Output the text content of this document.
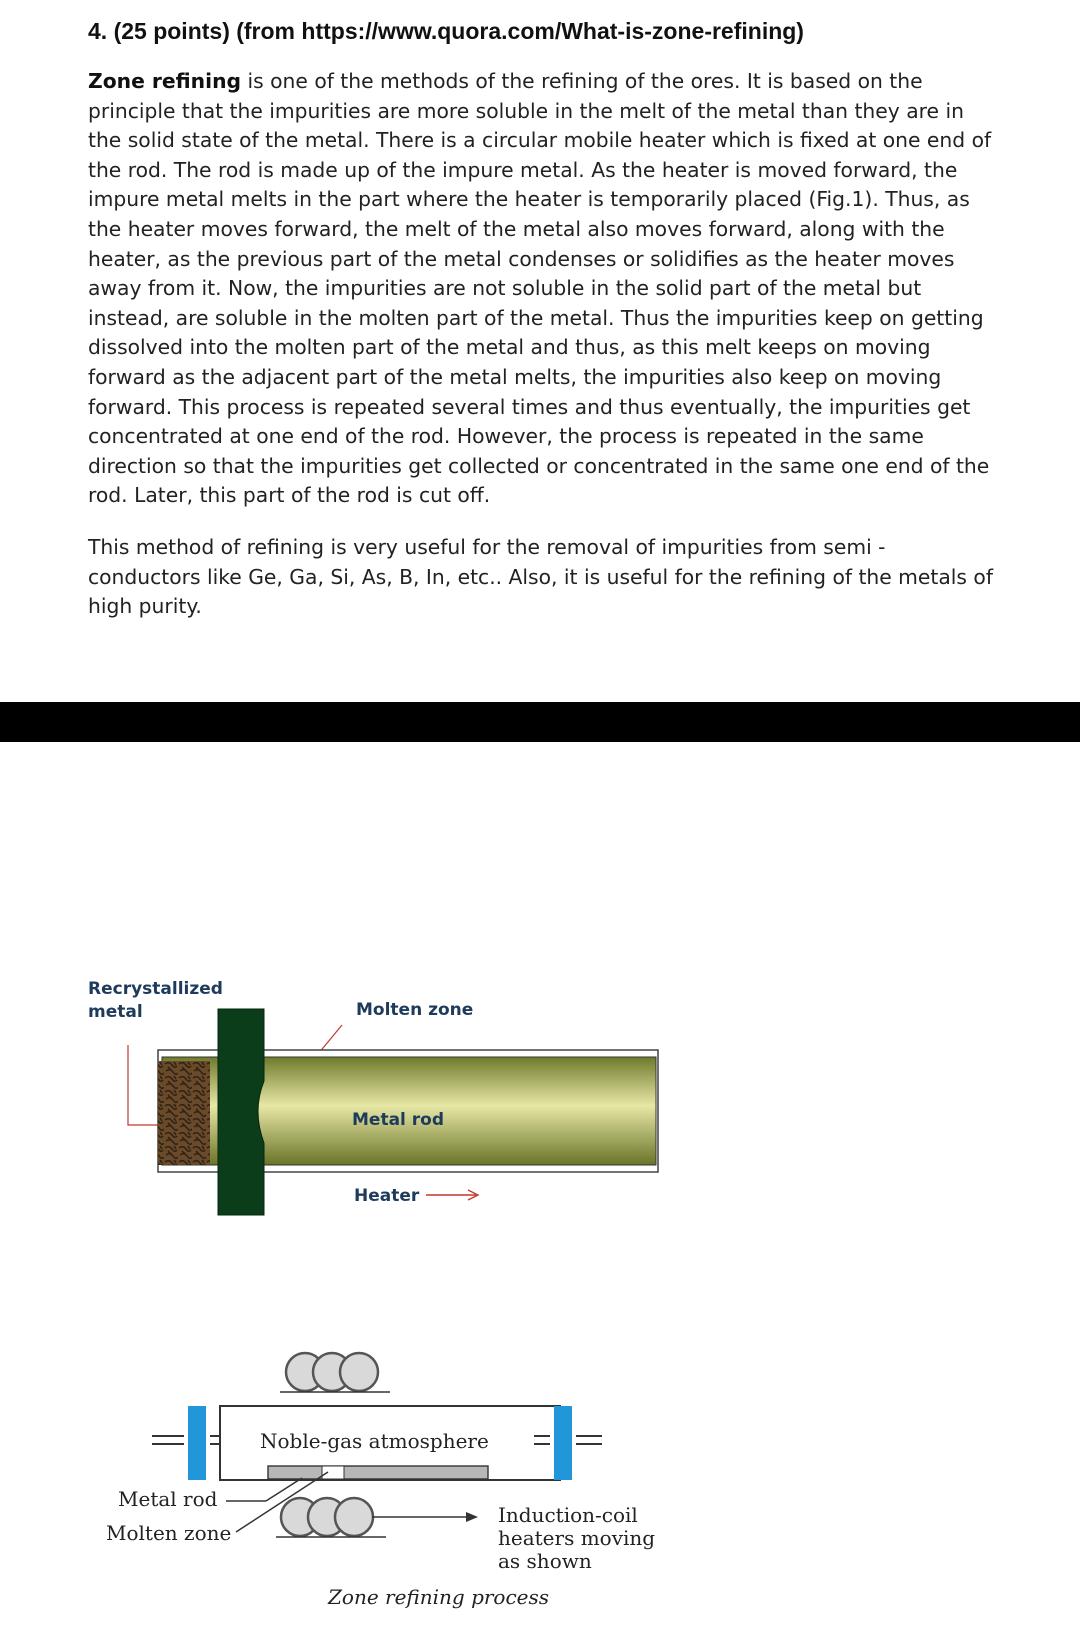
4. (25 points) (from https://www.quora.com/What-is-zone-refining)

Zone refining is one of the methods of the refining of the ores. It is based on the principle that the impurities are more soluble in the melt of the metal than they are in the solid state of the metal. There is a circular mobile heater which is fixed at one end of the rod. The rod is made up of the impure metal. As the heater is moved forward, the impure metal melts in the part where the heater is temporarily placed (Fig.1). Thus, as the heater moves forward, the melt of the metal also moves forward, along with the heater, as the previous part of the metal condenses or solidifies as the heater moves away from it. Now, the impurities are not soluble in the solid part of the metal but instead, are soluble in the molten part of the metal. Thus the impurities keep on getting dissolved into the molten part of the metal and thus, as this melt keeps on moving forward as the adjacent part of the metal melts, the impurities also keep on moving forward. This process is repeated several times and thus eventually, the impurities get concentrated at one end of the rod. However, the process is repeated in the same direction so that the impurities get collected or concentrated in the same one end of the rod. Later, this part of the rod is cut off.

This method of refining is very useful for the removal of impurities from semi - conductors like Ge, Ga, Si, As, B, In, etc.. Also, it is useful for the refining of the metals of high purity.

Recrystallized
metal	Molten zone
Metal rod
Heater
Noble-gas atmosphere
Metal rod
Molten zone
Induction-coil
heaters moving
as shown
Zone refining process
